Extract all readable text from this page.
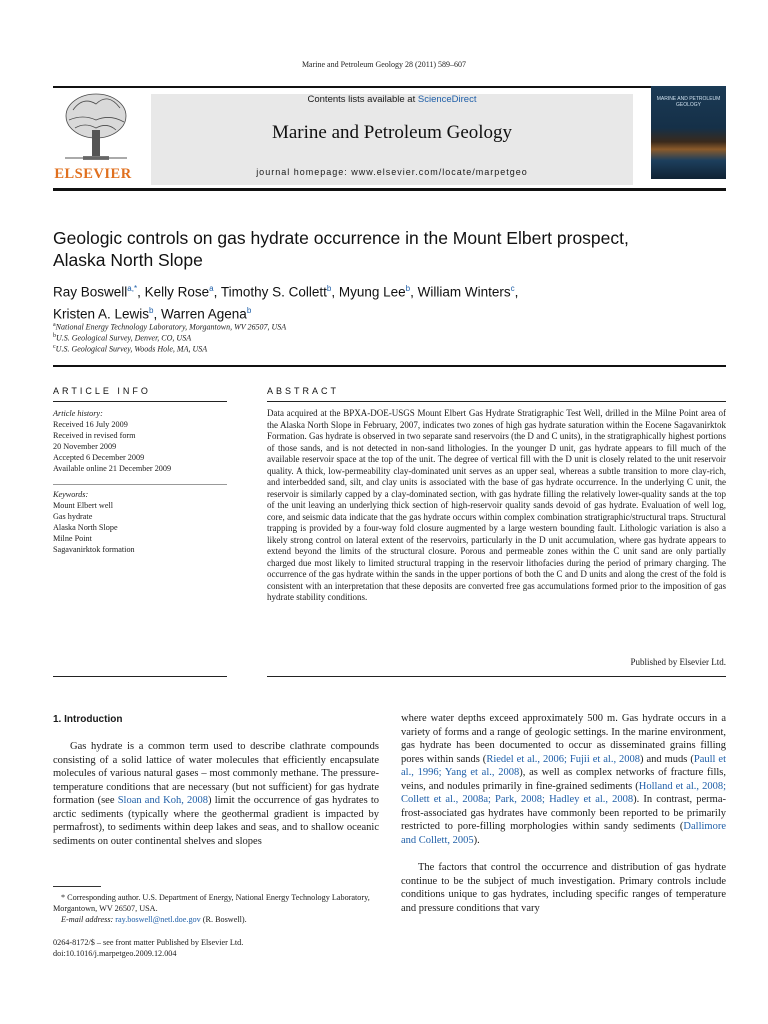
Marine and Petroleum Geology 28 (2011) 589–607
ELSEVIER
Contents lists available at ScienceDirect
Marine and Petroleum Geology
journal homepage: www.elsevier.com/locate/marpetgeo
MARINE AND PETROLEUM GEOLOGY
Geologic controls on gas hydrate occurrence in the Mount Elbert prospect,
Alaska North Slope
Ray Boswell$^{a,*}$, Kelly Rose$^a$, Timothy S. Collett$^b$, Myung Lee$^b$, William Winters$^c$,
Kristen A. Lewis$^b$, Warren Agena$^b$
$^a$National Energy Technology Laboratory, Morgantown, WV 26507, USA
$^b$U.S. Geological Survey, Denver, CO, USA
$^c$U.S. Geological Survey, Woods Hole, MA, USA
ARTICLE INFO
Article history:
Received 16 July 2009
Received in revised form
20 November 2009
Accepted 6 December 2009
Available online 21 December 2009
Keywords:
Mount Elbert well
Gas hydrate
Alaska North Slope
Milne Point
Sagavanirktok formation
ABSTRACT
Data acquired at the BPXA-DOE-USGS Mount Elbert Gas Hydrate Stratigraphic Test Well, drilled in the Milne Point area of the Alaska North Slope in February, 2007, indicates two zones of high gas hydrate saturation within the Eocene Sagavanirktok Formation. Gas hydrate is observed in two separate sand reservoirs (the D and C units), in the stratigraphically highest portions of those sands, and is not detected in non-sand lithologies. In the younger D unit, gas hydrate appears to fill much of the available reservoir space at the top of the unit. The degree of vertical fill with the D unit is closely related to the unit reservoir quality. A thick, low-permeability clay-dominated unit serves as an upper seal, whereas a subtle transition to more clay-rich, and interbedded sand, silt, and clay units is associated with the base of gas hydrate occurrence. In the underlying C unit, the reservoir is similarly capped by a clay-dominated section, with gas hydrate filling the relatively lower-quality sands at the top of the unit leaving an underlying thick section of high-reservoir quality sands devoid of gas hydrate. Evaluation of well log, core, and seismic data indicate that the gas hydrate occurs within complex combination stratigraphic/structural traps. Structural trapping is provided by a four-way fold closure augmented by a large western bounding fault. Lithologic variation is also a likely strong control on lateral extent of the reservoirs, particularly in the D unit accumulation, where gas hydrate appears to extend beyond the limits of the structural closure. Porous and permeable zones within the C unit sand are only partially charged due most likely to limited structural trapping in the reservoir lithofacies during the period of primary charging. The occurrence of the gas hydrate within the sands in the upper portions of both the C and D units and along the crest of the fold is consistent with an interpretation that these deposits are converted free gas accumulations formed prior to the imposition of gas hydrate stability conditions.
Published by Elsevier Ltd.
1. Introduction
Gas hydrate is a common term used to describe clathrate compounds consisting of a solid lattice of water molecules that efficiently encapsulate molecules of various natural gases – most commonly methane. The pressure-temperature conditions that are necessary (but not sufficient) for gas hydrate formation (see Sloan and Koh, 2008) limit the occurrence of gas hydrates to arctic sediments (typically where the geothermal gradient is impacted by permafrost), to sediments within deep lakes and seas, and to shallow oceanic sediments on outer continental shelves and slopes
* Corresponding author. U.S. Department of Energy, National Energy Technology Laboratory, Morgantown, WV 26507, USA.
E-mail address: ray.boswell@netl.doe.gov (R. Boswell).
0264-8172/$ – see front matter Published by Elsevier Ltd.
doi:10.1016/j.marpetgeo.2009.12.004
where water depths exceed approximately 500 m. Gas hydrate occurs in a variety of forms and a range of geologic settings. In the marine environment, gas hydrate has been documented to occur as disseminated grains filling pores within sands (Riedel et al., 2006; Fujii et al., 2008) and muds (Paull et al., 1996; Yang et al., 2008), as well as complex networks of fracture fills, veins, and nodules primarily in fine-grained sediments (Holland et al., 2008; Collett et al., 2008a; Park, 2008; Hadley et al., 2008). In contrast, perma-frost-associated gas hydrates have commonly been reported to be primarily restricted to pore-filling morphologies within sandy sediments (Dallimore and Collett, 2005).
The factors that control the occurrence and distribution of gas hydrate continue to be the subject of much investigation. Primary controls include conditions unique to gas hydrates, including specific ranges of temperature and pressure conditions that vary
